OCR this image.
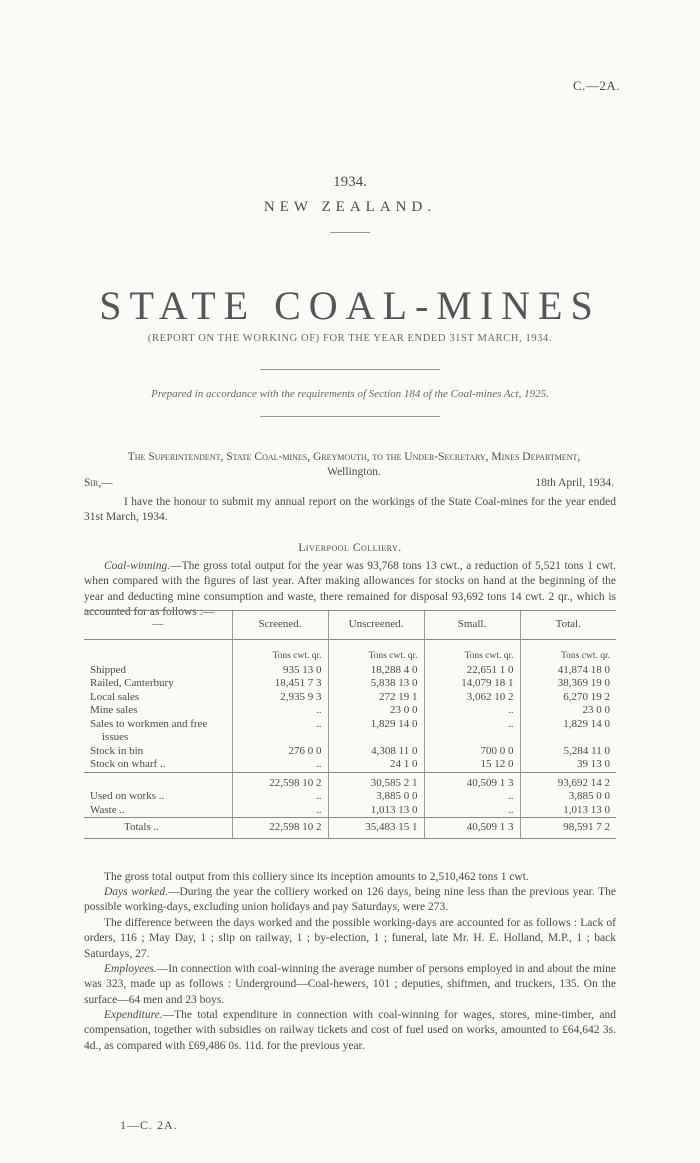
C.—2A.
1934.
NEW ZEALAND.
STATE COAL-MINES
(REPORT ON THE WORKING OF) FOR THE YEAR ENDED 31ST MARCH, 1934.
Prepared in accordance with the requirements of Section 184 of the Coal-mines Act, 1925.
The Superintendent, State Coal-mines, Greymouth, to the Under-Secretary, Mines Department,
Wellington.
Sir,—	18th April, 1934.
I have the honour to submit my annual report on the workings of the State Coal-mines for the year ended 31st March, 1934.
Liverpool Colliery.
Coal-winning.—The gross total output for the year was 93,768 tons 13 cwt., a reduction of 5,521 tons 1 cwt. when compared with the figures of last year. After making allowances for stocks on hand at the beginning of the year and deducting mine consumption and waste, there remained for disposal 93,692 tons 14 cwt. 2 qr., which is accounted for as follows :—
—	Screened.	Unscreened.	Small.	Total.
	Tons cwt. qr.	Tons cwt. qr.	Tons cwt. qr.	Tons cwt. qr.
Shipped	935 13 0	18,288 4 0	22,651 1 0	41,874 18 0
Railed, Canterbury	18,451 7 3	5,838 13 0	14,079 18 1	38,369 19 0
Local sales	2,935 9 3	272 19 1	3,062 10 2	6,270 19 2
Mine sales	..	23 0 0	..	23 0 0
Sales to workmen and free	..	1,829 14 0	..	1,829 14 0
issues				
Stock in bin	276 0 0	4,308 11 0	700 0 0	5,284 11 0
Stock on wharf ..	..	24 1 0	15 12 0	39 13 0
	22,598 10 2	30,585 2 1	40,509 1 3	93,692 14 2
Used on works ..	..	3,885 0 0	..	3,885 0 0
Waste ..	..	1,013 13 0	..	1,013 13 0
Totals ..	22,598 10 2	35,483 15 1	40,509 1 3	98,591 7 2
The gross total output from this colliery since its inception amounts to 2,510,462 tons 1 cwt.
Days worked.—During the year the colliery worked on 126 days, being nine less than the previous year. The possible working-days, excluding union holidays and pay Saturdays, were 273.
The difference between the days worked and the possible working-days are accounted for as follows : Lack of orders, 116 ; May Day, 1 ; slip on railway, 1 ; by-election, 1 ; funeral, late Mr. H. E. Holland, M.P., 1 ; back Saturdays, 27.
Employees.—In connection with coal-winning the average number of persons employed in and about the mine was 323, made up as follows : Underground—Coal-hewers, 101 ; deputies, shiftmen, and truckers, 135. On the surface—64 men and 23 boys.
Expenditure.—The total expenditure in connection with coal-winning for wages, stores, mine-timber, and compensation, together with subsidies on railway tickets and cost of fuel used on works, amounted to £64,642 3s. 4d., as compared with £69,486 0s. 11d. for the previous year.
1—C. 2A.
